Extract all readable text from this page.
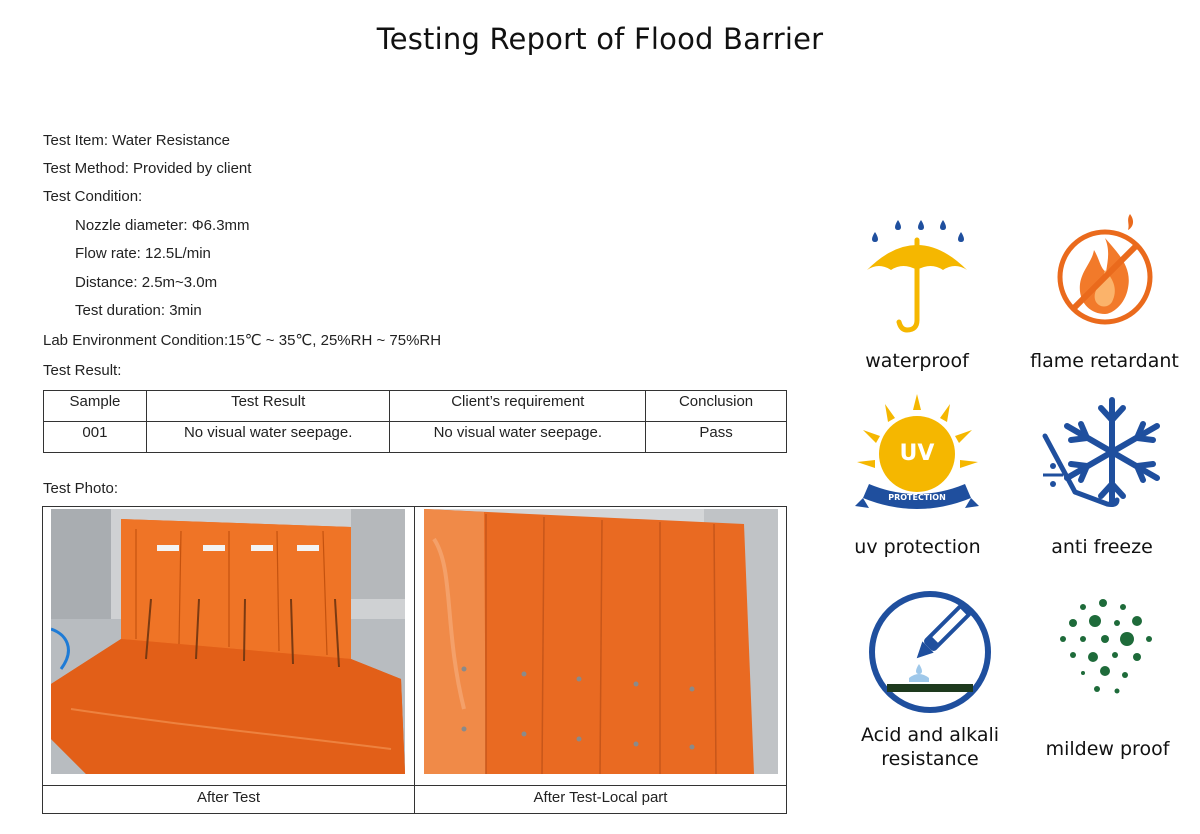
Testing Report of Flood Barrier
Test Item: Water Resistance
Test Method: Provided by client
Test Condition:
Nozzle diameter: Φ6.3mm
Flow rate: 12.5L/min
Distance: 2.5m~3.0m
Test duration: 3min
Lab Environment Condition:15℃ ~ 35℃, 25%RH ~ 75%RH
Test Result:
Test Photo:
Sample	Test Result	Client’s requirement	Conclusion
001	No visual water seepage.	No visual water seepage.	Pass
After Test	After Test-Local part
waterproof	flame retardant
UV
PROTECTION
uv protection	anti freeze
Acid and alkali resistance	mildew proof
